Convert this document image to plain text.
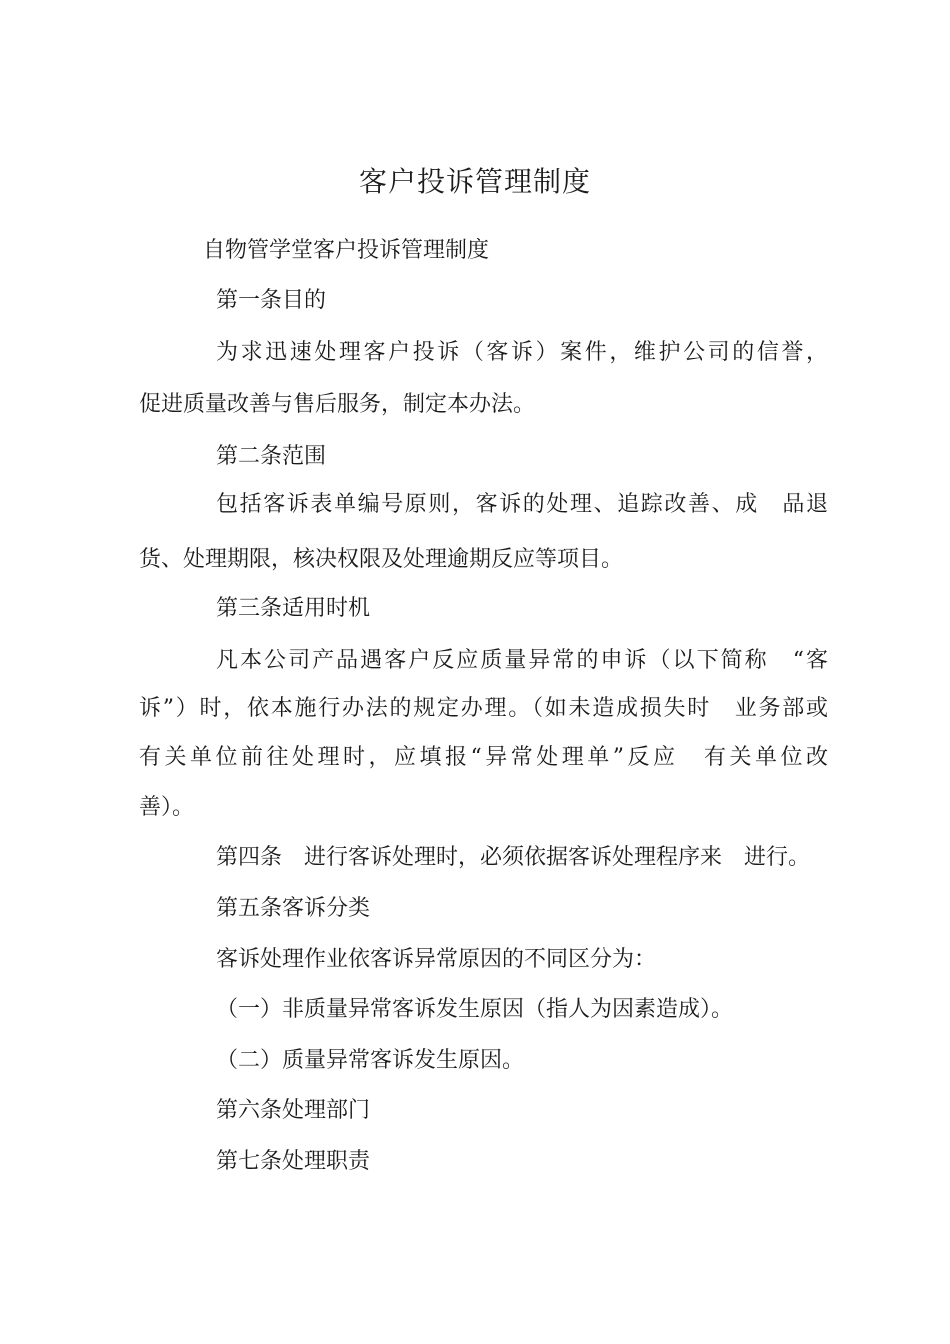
客户投诉管理制度
自物管学堂客户投诉管理制度
第一条目的
为求迅速处理客户投诉（客诉）案件，维护公司的信誉，
促进质量改善与售后服务，制定本办法。
第二条范围
包括客诉表单编号原则，客诉的处理、追踪改善、成　品退
货、处理期限，核决权限及处理逾期反应等项目。
第三条适用时机
凡本公司产品遇客户反应质量异常的申诉（以下简称　“客
诉”）时，依本施行办法的规定办理。（如未造成损失时　业务部或
有关单位前往处理时，应填报“异常处理单”反应　有关单位改
善）。
第四条　进行客诉处理时，必须依据客诉处理程序来　进行。
第五条客诉分类
客诉处理作业依客诉异常原因的不同区分为：
（一）非质量异常客诉发生原因（指人为因素造成）。
（二）质量异常客诉发生原因。
第六条处理部门
第七条处理职责
